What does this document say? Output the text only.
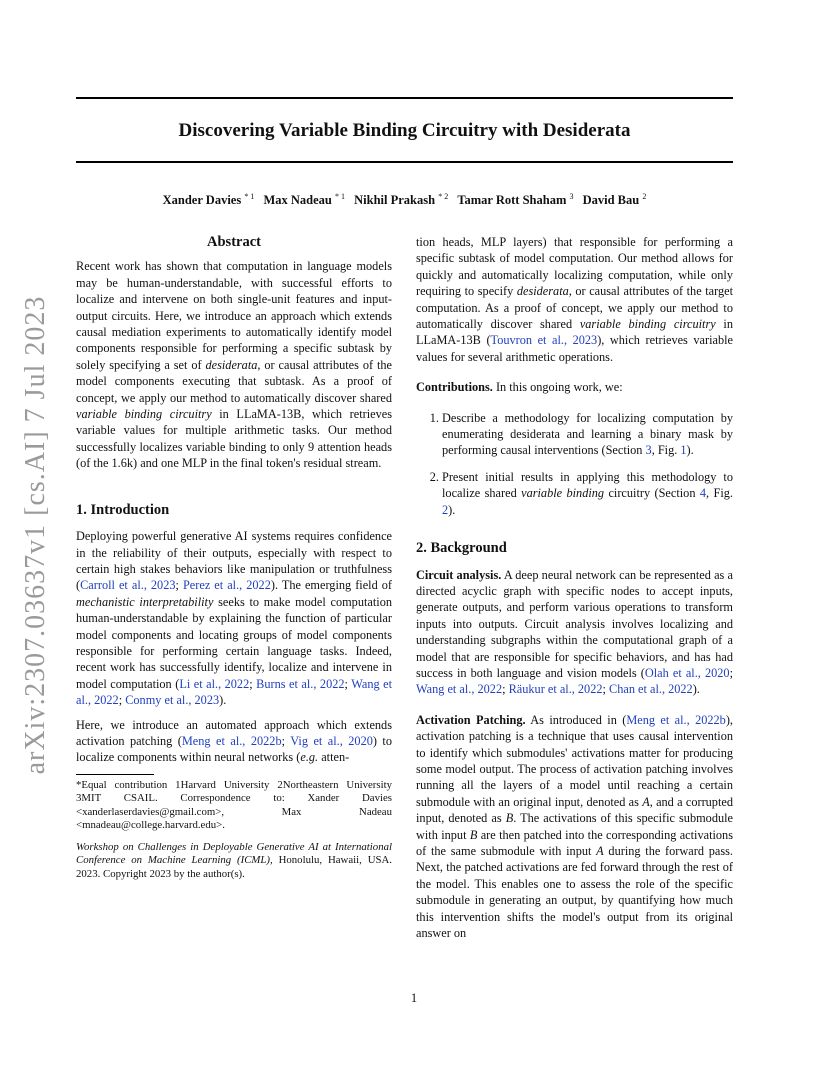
arXiv:2307.03637v1 [cs.AI] 7 Jul 2023
Discovering Variable Binding Circuitry with Desiderata
Xander Davies $^{* 1}$ Max Nadeau $^{* 1}$ Nikhil Prakash $^{* 2}$ Tamar Rott Shaham $^3$ David Bau $^2$
Abstract

Recent work has shown that computation in language models may be human-understandable, with successful efforts to localize and intervene on both single-unit features and input-output circuits. Here, we introduce an approach which extends causal mediation experiments to automatically identify model components responsible for performing a specific subtask by solely specifying a set of desiderata, or causal attributes of the model components executing that subtask. As a proof of concept, we apply our method to automatically discover shared variable binding circuitry in LLaMA-13B, which retrieves variable values for multiple arithmetic tasks. Our method successfully localizes variable binding to only 9 attention heads (of the 1.6k) and one MLP in the final token's residual stream.

1. Introduction

Deploying powerful generative AI systems requires confidence in the reliability of their outputs, especially with respect to certain high stakes behaviors like manipulation or truthfulness (Carroll et al., 2023; Perez et al., 2022). The emerging field of mechanistic interpretability seeks to make model computation human-understandable by explaining the function of particular model components and locating groups of model components responsible for performing certain language tasks. Indeed, recent work has successfully identify, localize and intervene in model computation (Li et al., 2022; Burns et al., 2022; Wang et al., 2022; Conmy et al., 2023).

Here, we introduce an automated approach which extends activation patching (Meng et al., 2022b; Vig et al., 2020) to localize components within neural networks (e.g. atten-

*Equal contribution 1Harvard University 2Northeastern University 3MIT CSAIL. Correspondence to: Xander Davies <xanderlaserdavies@gmail.com>, Max Nadeau <mnadeau@college.harvard.edu>.

Workshop on Challenges in Deployable Generative AI at International Conference on Machine Learning (ICML), Honolulu, Hawaii, USA. 2023. Copyright 2023 by the author(s).

tion heads, MLP layers) that responsible for performing a specific subtask of model computation. Our method allows for quickly and automatically localizing computation, while only requiring to specify desiderata, or causal attributes of the target computation. As a proof of concept, we apply our method to automatically discover shared variable binding circuitry in LLaMA-13B (Touvron et al., 2023), which retrieves variable values for several arithmetic operations.

Contributions. In this ongoing work, we:

1. Describe a methodology for localizing computation by enumerating desiderata and learning a binary mask by performing causal interventions (Section 3, Fig. 1).
2. Present initial results in applying this methodology to localize shared variable binding circuitry (Section 4, Fig. 2).
2. Background

Circuit analysis. A deep neural network can be represented as a directed acyclic graph with specific nodes to accept inputs, generate outputs, and perform various operations to transform inputs into outputs. Circuit analysis involves localizing and understanding subgraphs within the computational graph of a model that are responsible for specific behaviors, and has had success in both language and vision models (Olah et al., 2020; Wang et al., 2022; Räukur et al., 2022; Chan et al., 2022).

Activation Patching. As introduced in (Meng et al., 2022b), activation patching is a technique that uses causal intervention to identify which submodules' activations matter for producing some model output. The process of activation patching involves running all the layers of a model until reaching a certain submodule with an original input, denoted as A, and a corrupted input, denoted as B. The activations of this specific submodule with input B are then patched into the corresponding activations of the same submodule with input A during the forward pass. Next, the patched activations are fed forward through the rest of the model. This enables one to assess the role of the specific submodule in generating an output, by quantifying how much this intervention shifts the model's output from its original answer on

1
